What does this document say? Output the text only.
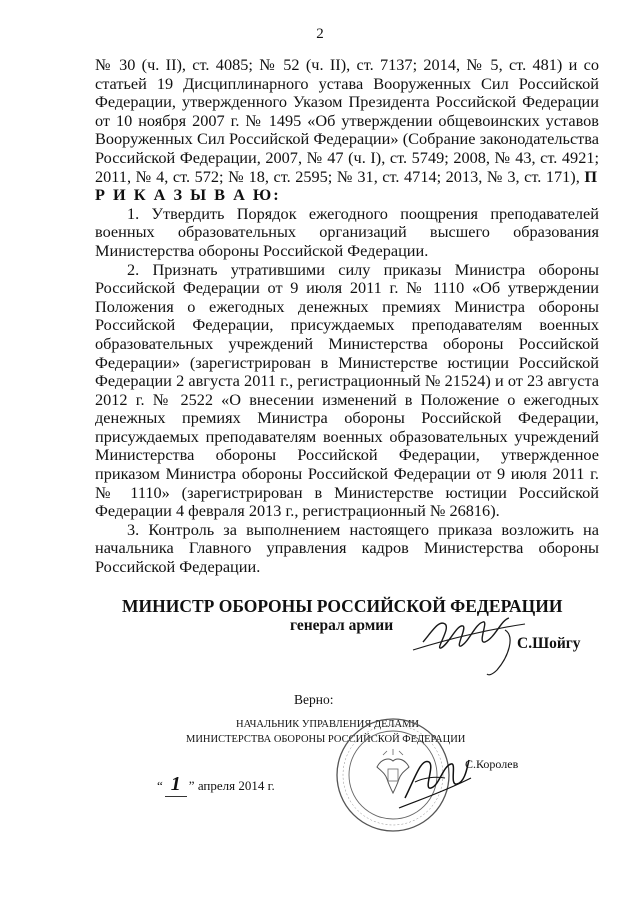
2

№ 30 (ч. II), ст. 4085; № 52 (ч. II), ст. 7137; 2014, № 5, ст. 481) и со статьей 19 Дисциплинарного устава Вооруженных Сил Российской Федерации, утвержденного Указом Президента Российской Федерации от 10 ноября 2007 г. № 1495 «Об утверждении общевоинских уставов Вооруженных Сил Российской Федерации» (Собрание законодательства Российской Федерации, 2007, № 47 (ч. I), ст. 5749; 2008, № 43, ст. 4921; 2011, № 4, ст. 572; № 18, ст. 2595; № 31, ст. 4714; 2013, № 3, ст. 171), П Р И К А З Ы В А Ю:

1. Утвердить Порядок ежегодного поощрения преподавателей военных образовательных организаций высшего образования Министерства обороны Российской Федерации.

2. Признать утратившими силу приказы Министра обороны Российской Федерации от 9 июля 2011 г. № 1110 «Об утверждении Положения о ежегодных денежных премиях Министра обороны Российской Федерации, присуждаемых преподавателям военных образовательных учреждений Министерства обороны Российской Федерации» (зарегистрирован в Министерстве юстиции Российской Федерации 2 августа 2011 г., регистрационный № 21524) и от 23 августа 2012 г. № 2522 «О внесении изменений в Положение о ежегодных денежных премиях Министра обороны Российской Федерации, присуждаемых преподавателям военных образовательных учреждений Министерства обороны Российской Федерации, утвержденное приказом Министра обороны Российской Федерации от 9 июля 2011 г. № 1110» (зарегистрирован в Министерстве юстиции Российской Федерации 4 февраля 2013 г., регистрационный № 26816).

3. Контроль за выполнением настоящего приказа возложить на начальника Главного управления кадров Министерства обороны Российской Федерации.

МИНИСТР ОБОРОНЫ РОССИЙСКОЙ ФЕДЕРАЦИИ
генерал армии
С.Шойгу
Верно:
НАЧАЛЬНИК УПРАВЛЕНИЯ ДЕЛАМИ
МИНИСТЕРСТВА ОБОРОНЫ РОССИЙСКОЙ ФЕДЕРАЦИИ
С.Королев
“ 1 ” апреля 2014 г.
